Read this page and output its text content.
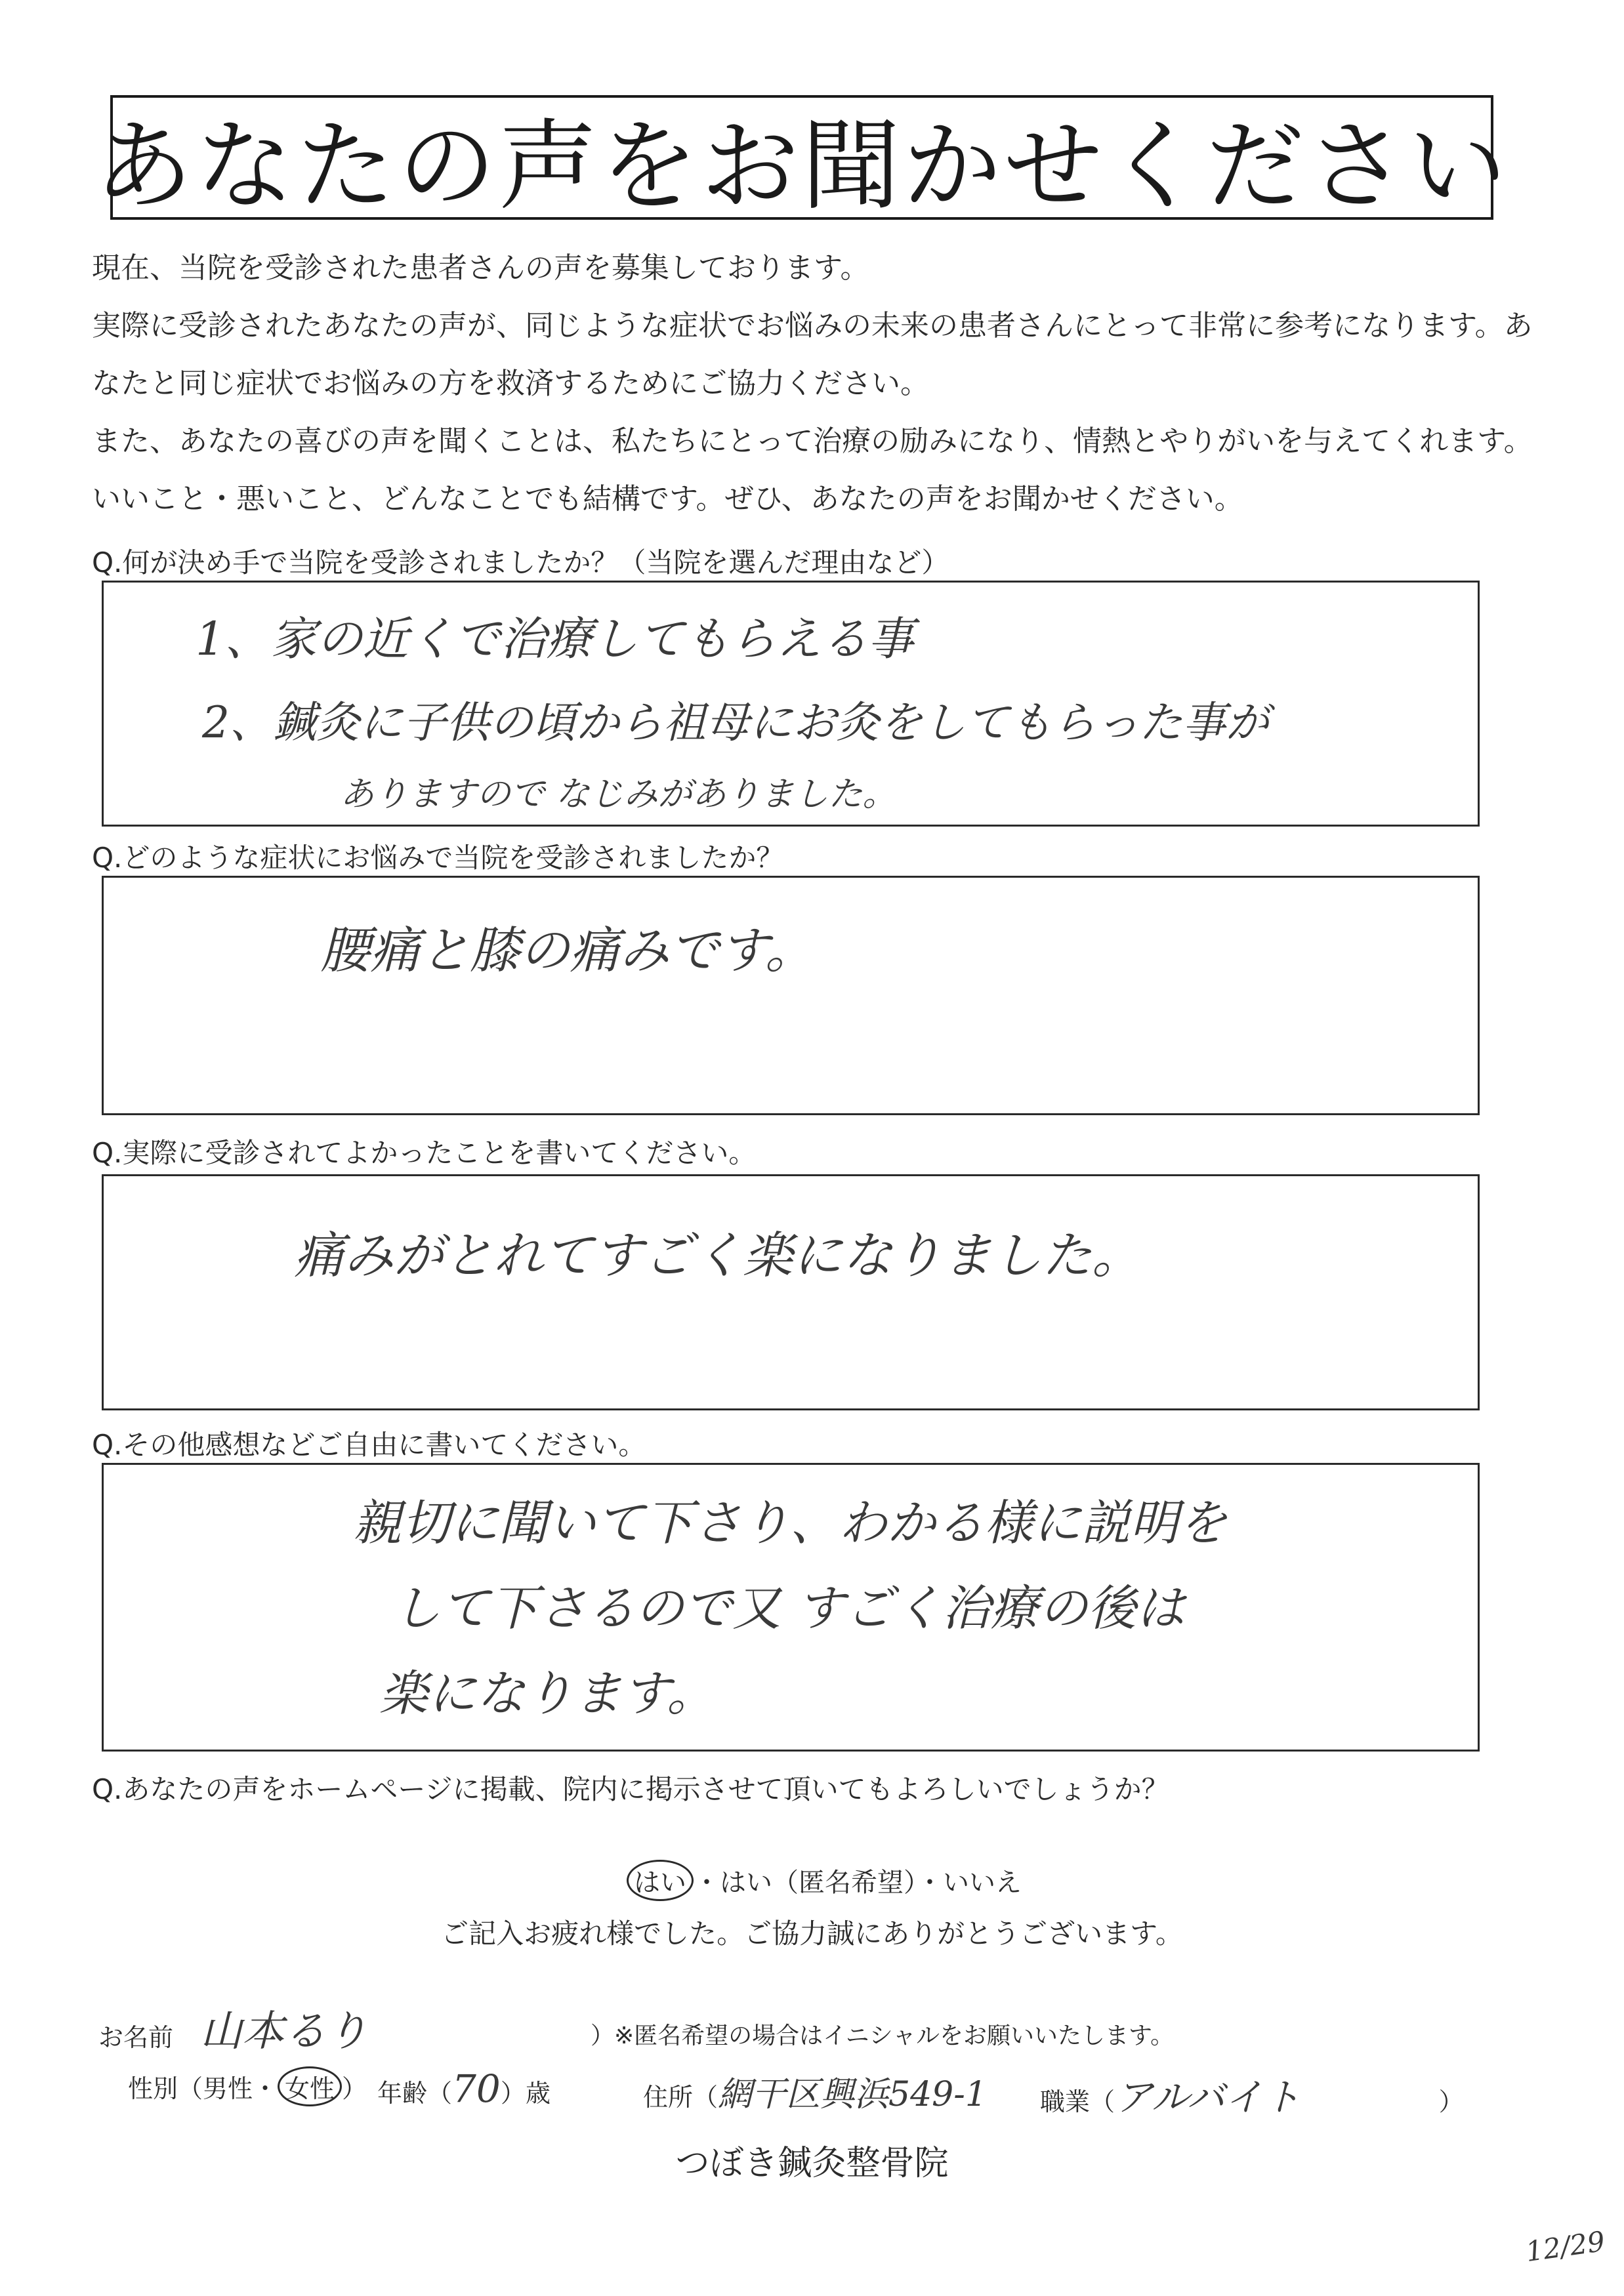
あなたの声をお聞かせください
現在、当院を受診された患者さんの声を募集しております。
実際に受診されたあなたの声が、同じような症状でお悩みの未来の患者さんにとって非常に参考になります。あ
なたと同じ症状でお悩みの方を救済するためにご協力ください。
また、あなたの喜びの声を聞くことは、私たちにとって治療の励みになり、情熱とやりがいを与えてくれます。
いいこと・悪いこと、どんなことでも結構です。ぜひ、あなたの声をお聞かせください。
Q.何が決め手で当院を受診されましたか？（当院を選んだ理由など）
1、家の近くで治療してもらえる事
2、鍼灸に子供の頃から祖母にお灸をしてもらった事が
ありますので なじみがありました。
Q.どのような症状にお悩みで当院を受診されましたか？
腰痛と膝の痛みです。
Q.実際に受診されてよかったことを書いてください。
痛みがとれてすごく楽になりました。
Q.その他感想などご自由に書いてください。
親切に聞いて下さり、わかる様に説明を
して下さるので又 すごく治療の後は
楽になります。
Q.あなたの声をホームページに掲載、院内に掲示させて頂いてもよろしいでしょうか？
はい ・はい（匿名希望）・いいえ
ご記入お疲れ様でした。ご協力誠にありがとうございます。
お名前 山本るり	）※匿名希望の場合はイニシャルをお願いいたします。
性別（男性・ 女性 ） 年齢（70）歳	住所（網干区興浜549-1 職業（アルバイト	）
つぼき鍼灸整骨院
12/29
